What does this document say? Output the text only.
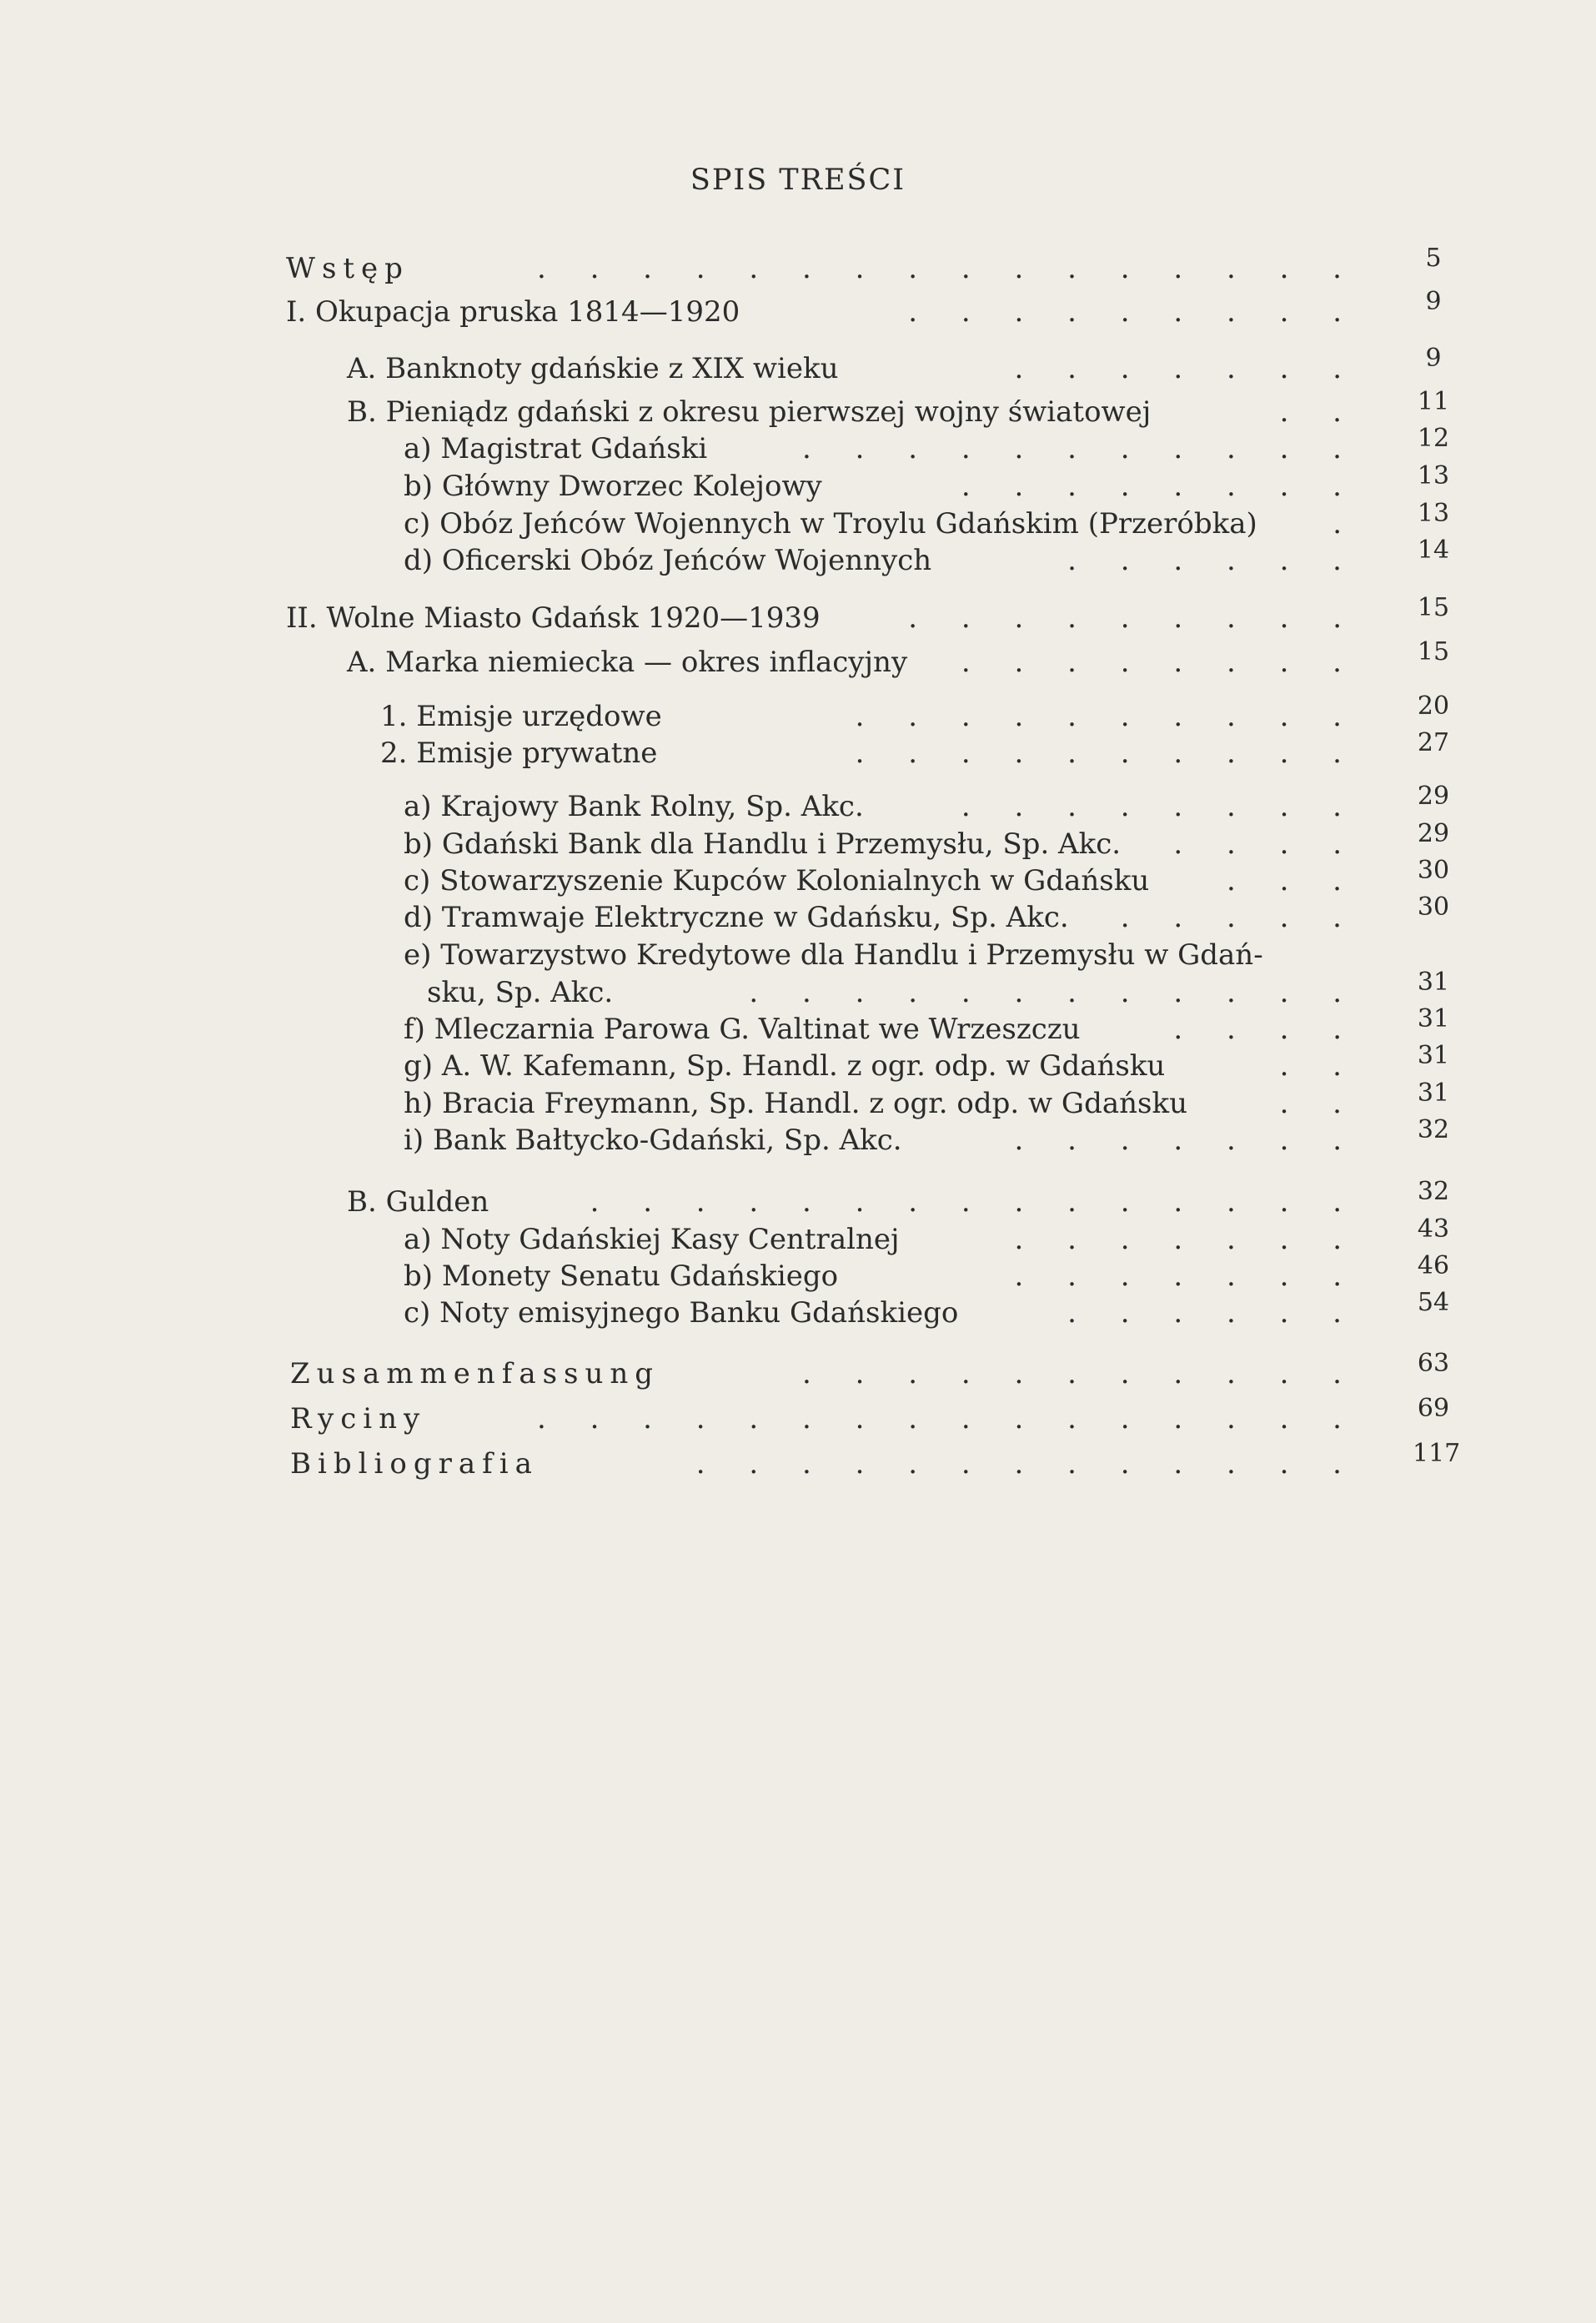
SPIS TREŚCI
Wstęp	. . . . . . . . . . . . . . . .	5
I. Okupacja pruska 1814—1920	. . . . . . . . .	9
A. Banknoty gdańskie z XIX wieku	. . . . . . .	9
B. Pieniądz gdański z okresu pierwszej wojny światowej	. . 11
a) Magistrat Gdański	. . . . . . . . . . . 12
b) Główny Dworzec Kolejowy	. . . . . . . . 13
c) Obóz Jeńców Wojennych w Troylu Gdańskim (Przeróbka)	. 13
d) Oficerski Obóz Jeńców Wojennych	. . . . . . 14
II. Wolne Miasto Gdańsk 1920—1939	. . . . . . . . . 15
A. Marka niemiecka — okres inflacyjny . . . . . . . . 15
1. Emisje urzędowe	. . . . . . . . . . 20
2. Emisje prywatne	. . . . . . . . . . 27
a) Krajowy Bank Rolny, Sp. Akc.	. . . . . . . . 29
b) Gdański Bank dla Handlu i Przemysłu, Sp. Akc. . . . . 29
c) Stowarzyszenie Kupców Kolonialnych w Gdańsku	. . . 30
d) Tramwaje Elektryczne w Gdańsku, Sp. Akc. . . . . . 30
e) Towarzystwo Kredytowe dla Handlu i Przemysłu w Gdań-
sku, Sp. Akc.	. . . . . . . . . . . . 31
f) Mleczarnia Parowa G. Valtinat we Wrzeszczu	. . . . 31
g) A. W. Kafemann, Sp. Handl. z ogr. odp. w Gdańsku	. . 31
h) Bracia Freymann, Sp. Handl. z ogr. odp. w Gdańsku	. . 31
i) Bank Bałtycko-Gdański, Sp. Akc.	. . . . . . . 32
B. Gulden	. . . . . . . . . . . . . . . 32
a) Noty Gdańskiej Kasy Centralnej	. . . . . . . 43
b) Monety Senatu Gdańskiego	. . . . . . . 46
c) Noty emisyjnego Banku Gdańskiego	. . . . . . 54
Zusammenfassung	. . . . . . . . . . . 63
Ryciny	. . . . . . . . . . . . . . . . 69
Bibliografia	. . . . . . . . . . . . . 117
